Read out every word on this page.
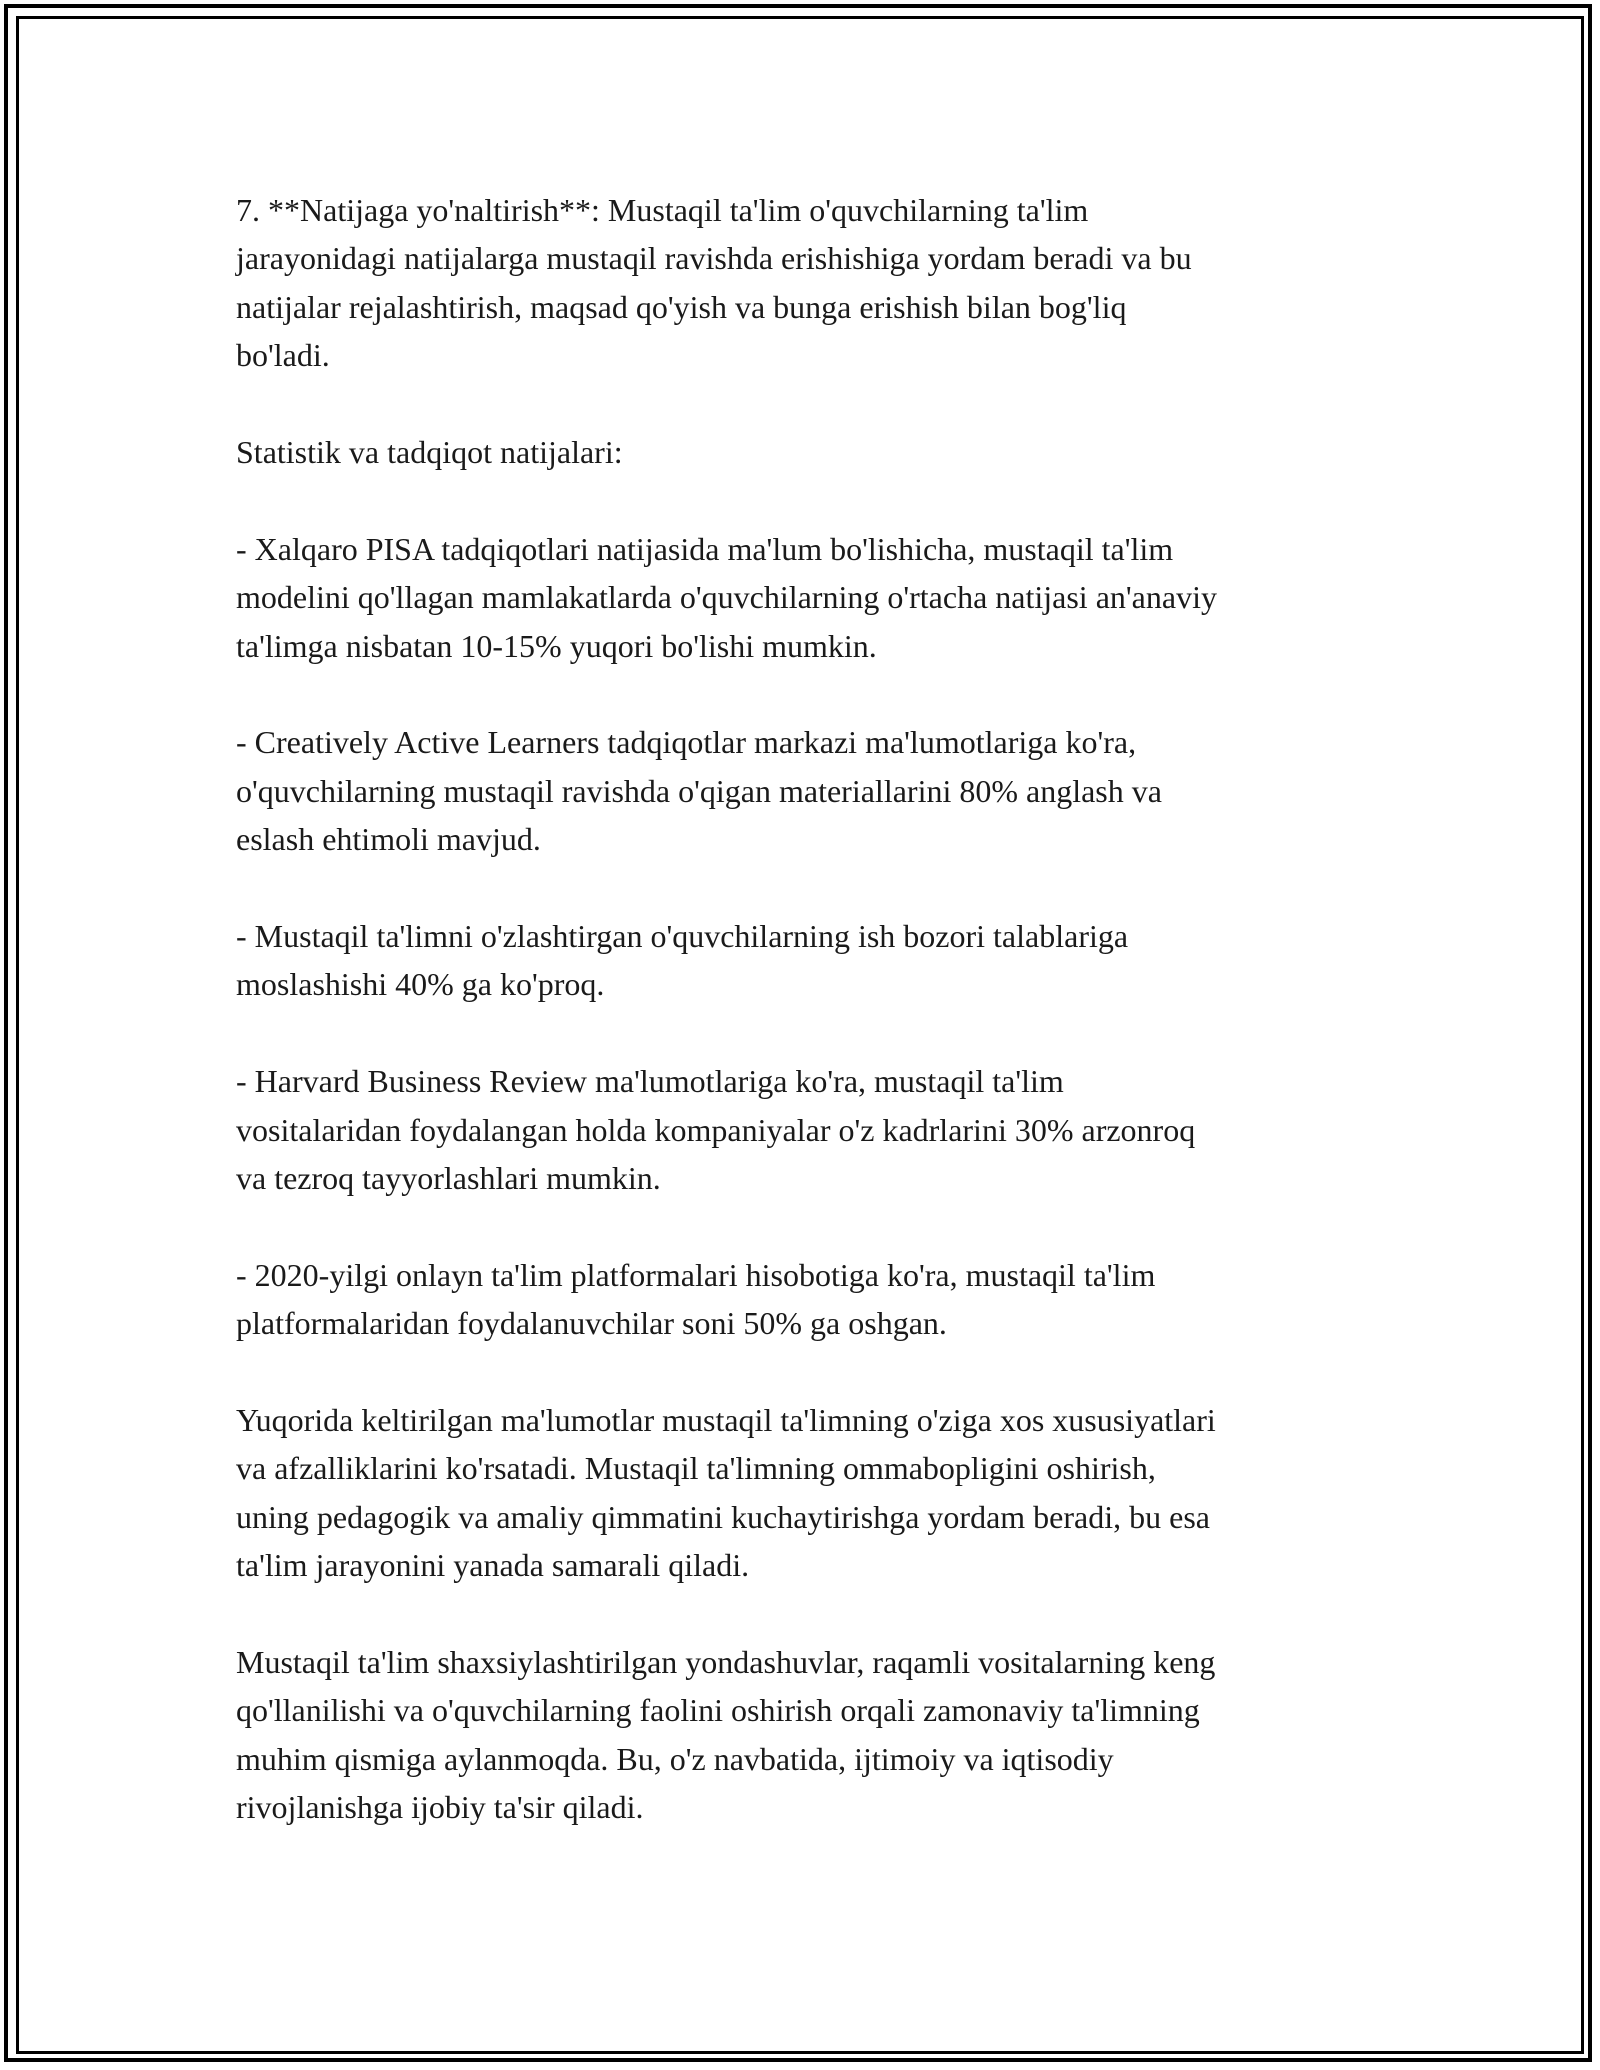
7. **Natijaga yo'naltirish**: Mustaqil ta'lim o'quvchilarning ta'lim
jarayonidagi natijalarga mustaqil ravishda erishishiga yordam beradi va bu
natijalar rejalashtirish, maqsad qo'yish va bunga erishish bilan bog'liq
bo'ladi.

Statistik va tadqiqot natijalari:

- Xalqaro PISA tadqiqotlari natijasida ma'lum bo'lishicha, mustaqil ta'lim
modelini qo'llagan mamlakatlarda o'quvchilarning o'rtacha natijasi an'anaviy
ta'limga nisbatan 10-15% yuqori bo'lishi mumkin.

- Creatively Active Learners tadqiqotlar markazi ma'lumotlariga ko'ra,
o'quvchilarning mustaqil ravishda o'qigan materiallarini 80% anglash va
eslash ehtimoli mavjud.

- Mustaqil ta'limni o'zlashtirgan o'quvchilarning ish bozori talablariga
moslashishi 40% ga ko'proq.

- Harvard Business Review ma'lumotlariga ko'ra, mustaqil ta'lim
vositalaridan foydalangan holda kompaniyalar o'z kadrlarini 30% arzonroq
va tezroq tayyorlashlari mumkin.

- 2020-yilgi onlayn ta'lim platformalari hisobotiga ko'ra, mustaqil ta'lim
platformalaridan foydalanuvchilar soni 50% ga oshgan.

Yuqorida keltirilgan ma'lumotlar mustaqil ta'limning o'ziga xos xususiyatlari
va afzalliklarini ko'rsatadi. Mustaqil ta'limning ommabopligini oshirish,
uning pedagogik va amaliy qimmatini kuchaytirishga yordam beradi, bu esa
ta'lim jarayonini yanada samarali qiladi.

Mustaqil ta'lim shaxsiylashtirilgan yondashuvlar, raqamli vositalarning keng
qo'llanilishi va o'quvchilarning faolini oshirish orqali zamonaviy ta'limning
muhim qismiga aylanmoqda. Bu, o'z navbatida, ijtimoiy va iqtisodiy
rivojlanishga ijobiy ta'sir qiladi.
